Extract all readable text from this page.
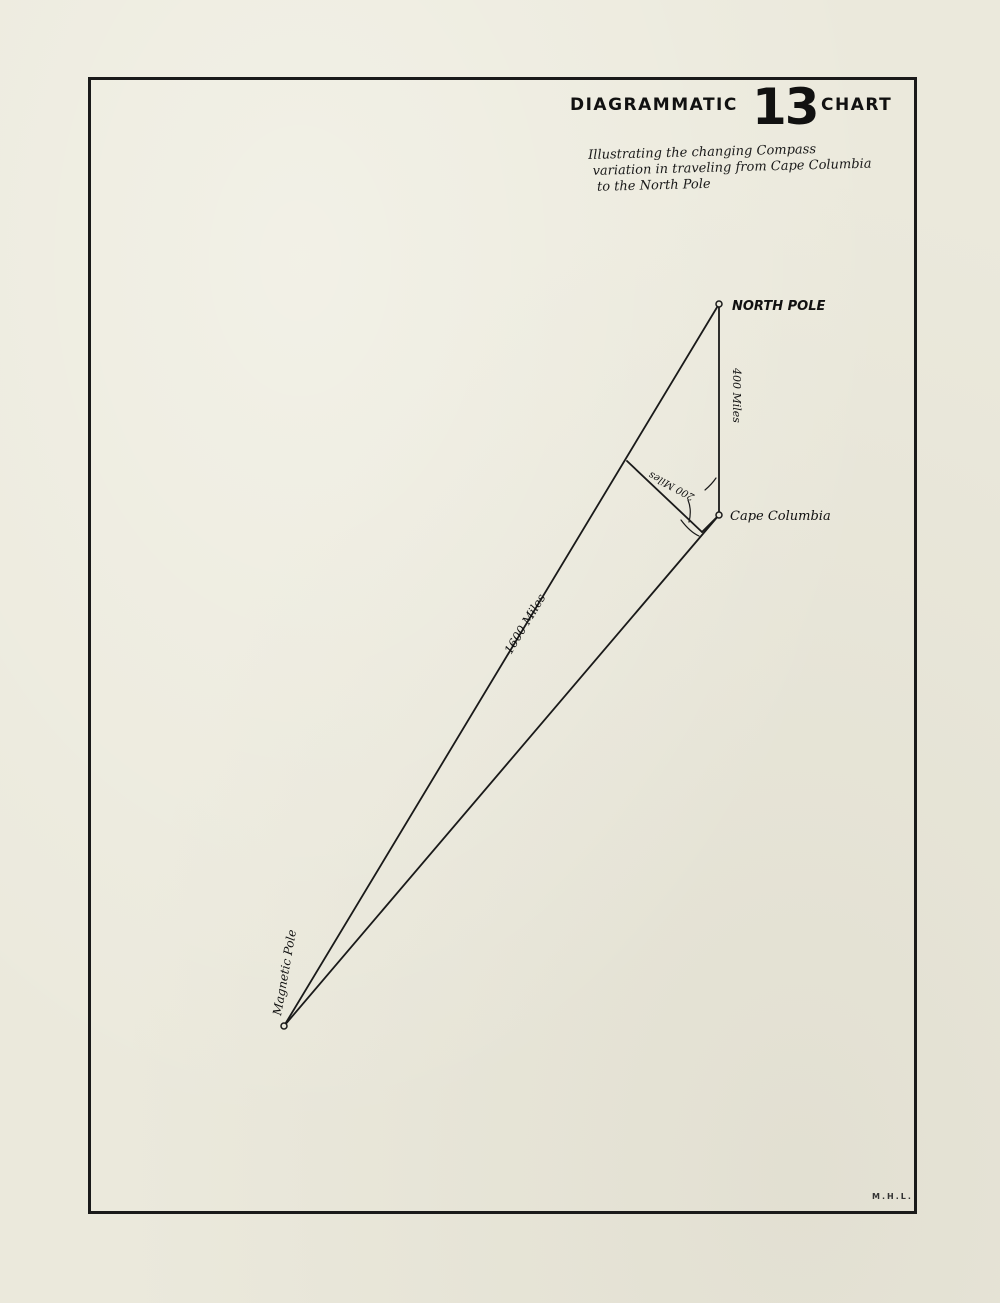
DIAGRAMMATIC 13 CHART
Illustrating the changing Compass
variation in traveling from Cape Columbia
to the North Pole
NORTH POLE
Cape Columbia
Magnetic Pole
400 Miles
200 Miles
1600 Miles
M.H.L.
